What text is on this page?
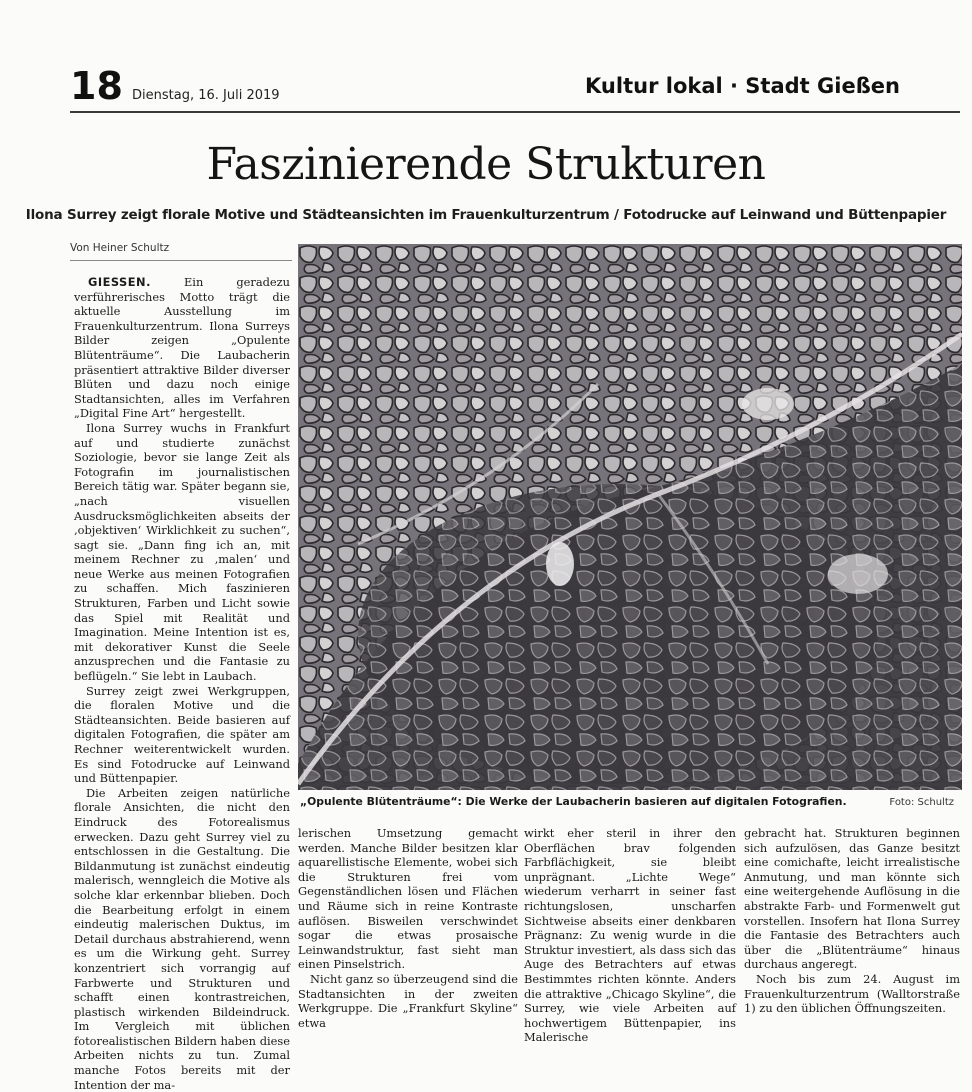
18 Dienstag, 16. Juli 2019	Kultur lokal · Stadt Gießen
Faszinierende Strukturen
Ilona Surrey zeigt florale Motive und Städteansichten im Frauenkulturzentrum / Fotodrucke auf Leinwand und Büttenpapier
Von Heiner Schultz

GIESSEN.	Ein geradezu verführerisches Motto trägt die aktuelle Ausstellung im Frauenkulturzentrum. Ilona Surreys Bilder zeigen „Opulente Blütenträume“. Die Laubacherin präsentiert attraktive Bilder diverser Blüten und dazu noch einige Stadtansichten, alles im Verfahren „Digital Fine Art“ hergestellt.

Ilona Surrey wuchs in Frankfurt auf und studierte zunächst Soziologie, bevor sie lange Zeit als Fotografin im journalistischen Bereich tätig war. Später begann sie, „nach visuellen Ausdrucksmöglichkeiten abseits der ‚objektiven‘ Wirklichkeit zu suchen“, sagt sie. „Dann fing ich an, mit meinem Rechner zu ‚malen‘ und neue Werke aus meinen Fotografien zu schaffen. Mich faszinieren Strukturen, Farben und Licht sowie das Spiel mit Realität und Imagination. Meine Intention ist es, mit dekorativer Kunst die Seele anzusprechen und die Fantasie zu beflügeln.“ Sie lebt in Laubach.

Surrey zeigt zwei Werkgruppen, die floralen Motive und die Städteansichten. Beide basieren auf digitalen Fotografien, die später am Rechner weiterentwickelt wurden. Es sind Fotodrucke auf Leinwand und Büttenpapier.

Die Arbeiten zeigen natürliche florale Ansichten, die nicht den Eindruck des Fotorealismus erwecken. Dazu geht Surrey viel zu entschlossen in die Gestaltung. Die Bildanmutung ist zunächst eindeutig malerisch, wenngleich die Motive als solche klar erkennbar blieben. Doch die Bearbeitung erfolgt in einem eindeutig malerischen Duktus, im Detail durchaus abstrahierend, wenn es um die Wirkung geht. Surrey konzentriert sich vorrangig auf Farbwerte und Strukturen und schafft einen kontrastreichen, plastisch wirkenden Bildeindruck. Im Vergleich mit üblichen fotorealistischen Bildern haben diese Arbeiten nichts zu tun. Zumal manche Fotos bereits mit der Intention der ma-

„Opulente Blütenträume“: Die Werke der Laubacherin basieren auf digitalen Fotografien.	Foto: Schultz

lerischen Umsetzung gemacht werden. Manche Bilder besitzen klar aquarellistische Elemente, wobei sich die Strukturen frei vom Gegenständlichen lösen und Flächen und Räume sich in reine Kontraste auflösen. Bisweilen verschwindet sogar die etwas prosaische Leinwandstruktur, fast sieht man einen Pinselstrich.

Nicht ganz so überzeugend sind die Stadtansichten in der zweiten Werkgruppe. Die „Frankfurt Skyline“ etwa

wirkt eher steril in ihrer den Oberflächen brav folgenden Farbflächigkeit, sie bleibt unprägnant. „Lichte Wege“ wiederum verharrt in seiner fast richtungslosen, unscharfen Sichtweise abseits einer denkbaren Prägnanz: Zu wenig wurde in die Struktur investiert, als dass sich das Auge des Betrachters auf etwas Bestimmtes richten könnte. Anders die attraktive „Chicago Skyline“, die Surrey, wie viele Arbeiten auf hochwertigem Büttenpapier, ins Malerische

gebracht hat. Strukturen beginnen sich aufzulösen, das Ganze besitzt eine comichafte, leicht irrealistische Anmutung, und man könnte sich eine weitergehende Auflösung in die abstrakte Farb- und Formenwelt gut vorstellen. Insofern hat Ilona Surrey die Fantasie des Betrachters auch über die „Blütenträume“ hinaus durchaus angeregt.

Noch bis zum 24. August im Frauenkulturzentrum (Walltorstraße 1) zu den üblichen Öffnungszeiten.
